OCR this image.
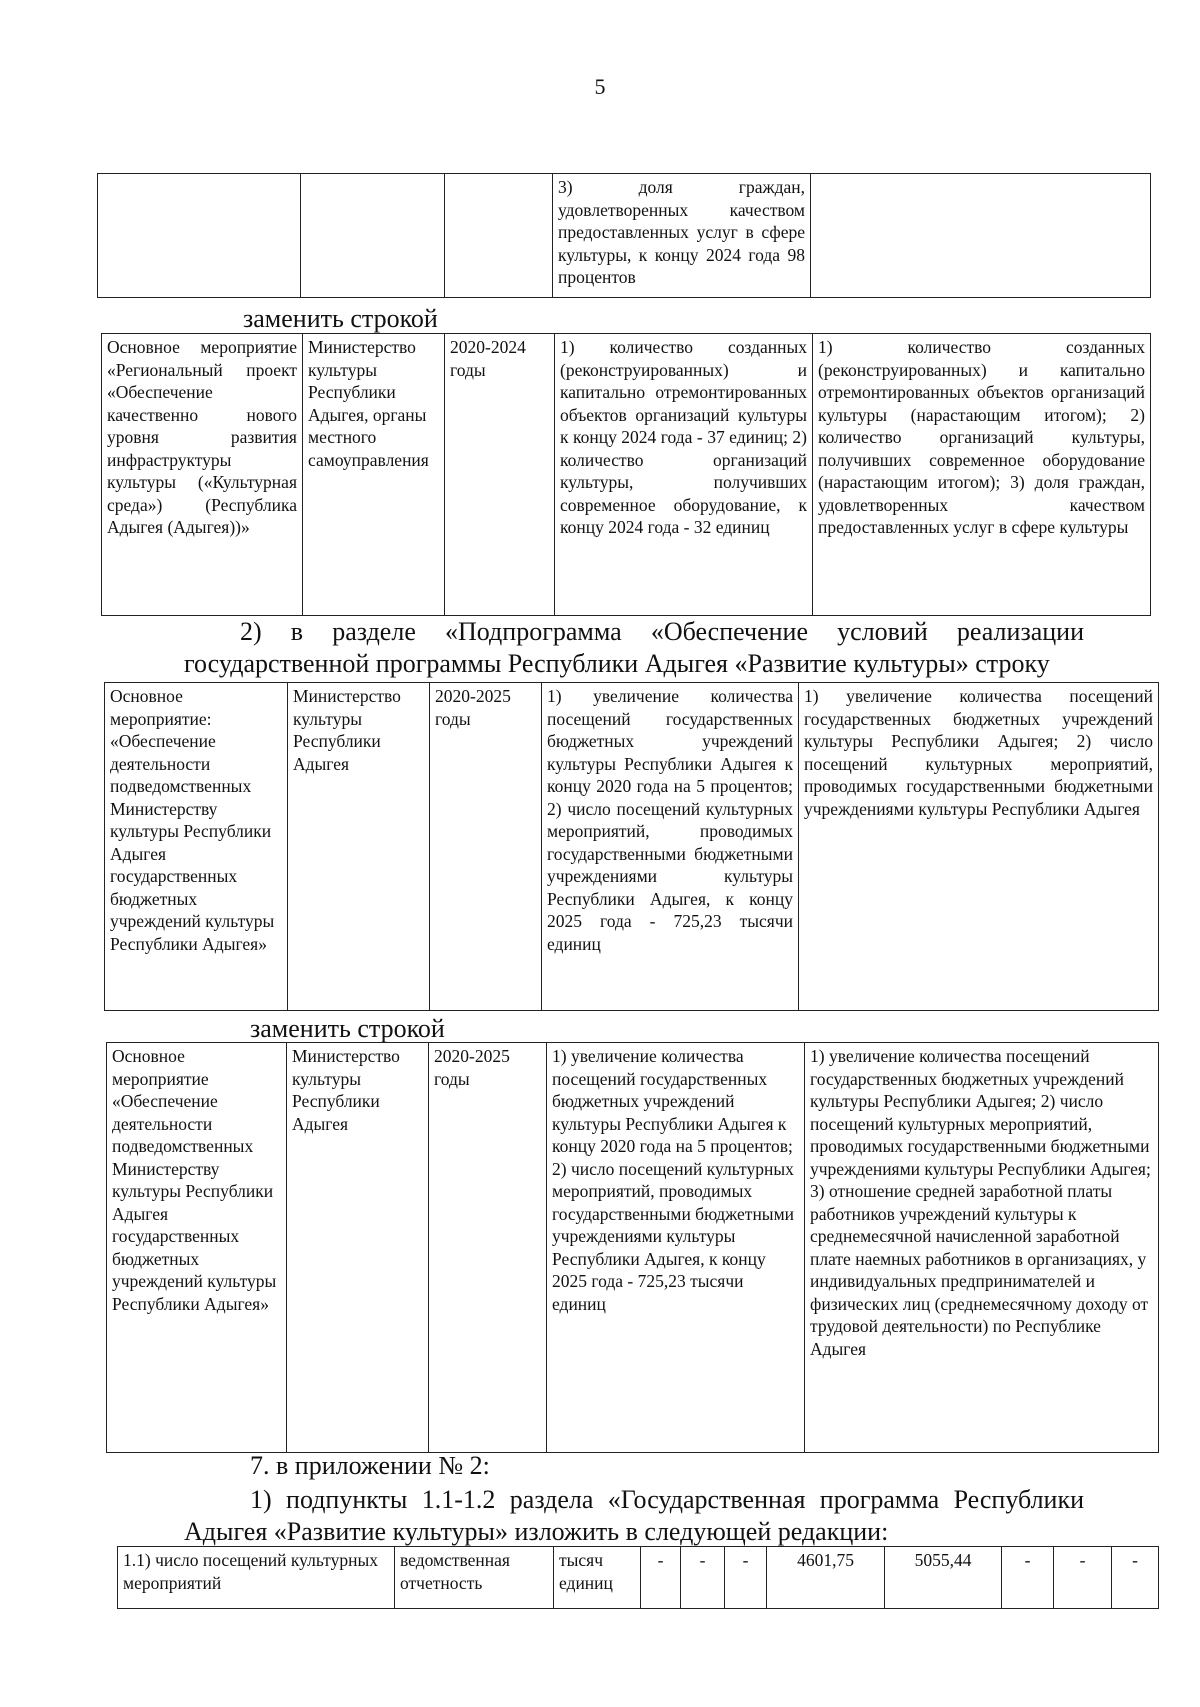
5
			3) доля граждан, удовлетворенных качеством предоставленных услуг в сфере культуры, к концу 2024 года 98 процентов	
заменить строкой
Основное мероприятие «Региональный проект «Обеспечение качественно нового уровня развития инфраструктуры культуры («Культурная среда») (Республика Адыгея (Адыгея))»	Министерство культуры Республики Адыгея, органы местного самоуправления	2020-2024 годы	1) количество созданных (реконструированных) и капитально отремонтированных объектов организаций культуры к концу 2024 года - 37 единиц; 2) количество организаций культуры, получивших современное оборудование, к концу 2024 года - 32 единиц	1) количество созданных (реконструированных) и капитально отремонтированных объектов организаций культуры (нарастающим итогом); 2) количество организаций культуры, получивших современное оборудование (нарастающим итогом); 3) доля граждан, удовлетворенных качеством предоставленных услуг в сфере культуры

2) в разделе «Подпрограмма «Обеспечение условий реализации государственной программы Республики Адыгея «Развитие культуры» строку

Основное мероприятие: «Обеспечение деятельности подведомственных Министерству культуры Республики Адыгея государственных бюджетных учреждений культуры Республики Адыгея»	Министерство культуры Республики Адыгея	2020-2025 годы	1) увеличение количества посещений государственных бюджетных учреждений культуры Республики Адыгея к концу 2020 года на 5 процентов; 2) число посещений культурных мероприятий, проводимых государственными бюджетными учреждениями культуры Республики Адыгея, к концу 2025 года - 725,23 тысячи единиц	1) увеличение количества посещений государственных бюджетных учреждений культуры Республики Адыгея; 2) число посещений культурных мероприятий, проводимых государственными бюджетными учреждениями культуры Республики Адыгея
заменить строкой
Основное мероприятие «Обеспечение деятельности подведомственных Министерству культуры Республики Адыгея государственных бюджетных учреждений культуры Республики Адыгея»	Министерство культуры Республики Адыгея	2020-2025 годы	1) увеличение количества посещений государственных бюджетных учреждений культуры Республики Адыгея к концу 2020 года на 5 процентов; 2) число посещений культурных мероприятий, проводимых государственными бюджетными учреждениями культуры Республики Адыгея, к концу 2025 года - 725,23 тысячи единиц	1) увеличение количества посещений государственных бюджетных учреждений культуры Республики Адыгея; 2) число посещений культурных мероприятий, проводимых государственными бюджетными учреждениями культуры Республики Адыгея; 3) отношение средней заработной платы работников учреждений культуры к среднемесячной начисленной заработной плате наемных работников в организациях, у индивидуальных предпринимателей и физических лиц (среднемесячному доходу от трудовой деятельности) по Республике Адыгея

7. в приложении № 2:

1) подпункты 1.1-1.2 раздела «Государственная программа Республики Адыгея «Развитие культуры» изложить в следующей редакции:

1.1) число посещений культурных мероприятий	ведомственная отчетность	тысяч единиц	-	-	-	4601,75	5055,44	-	-	-
